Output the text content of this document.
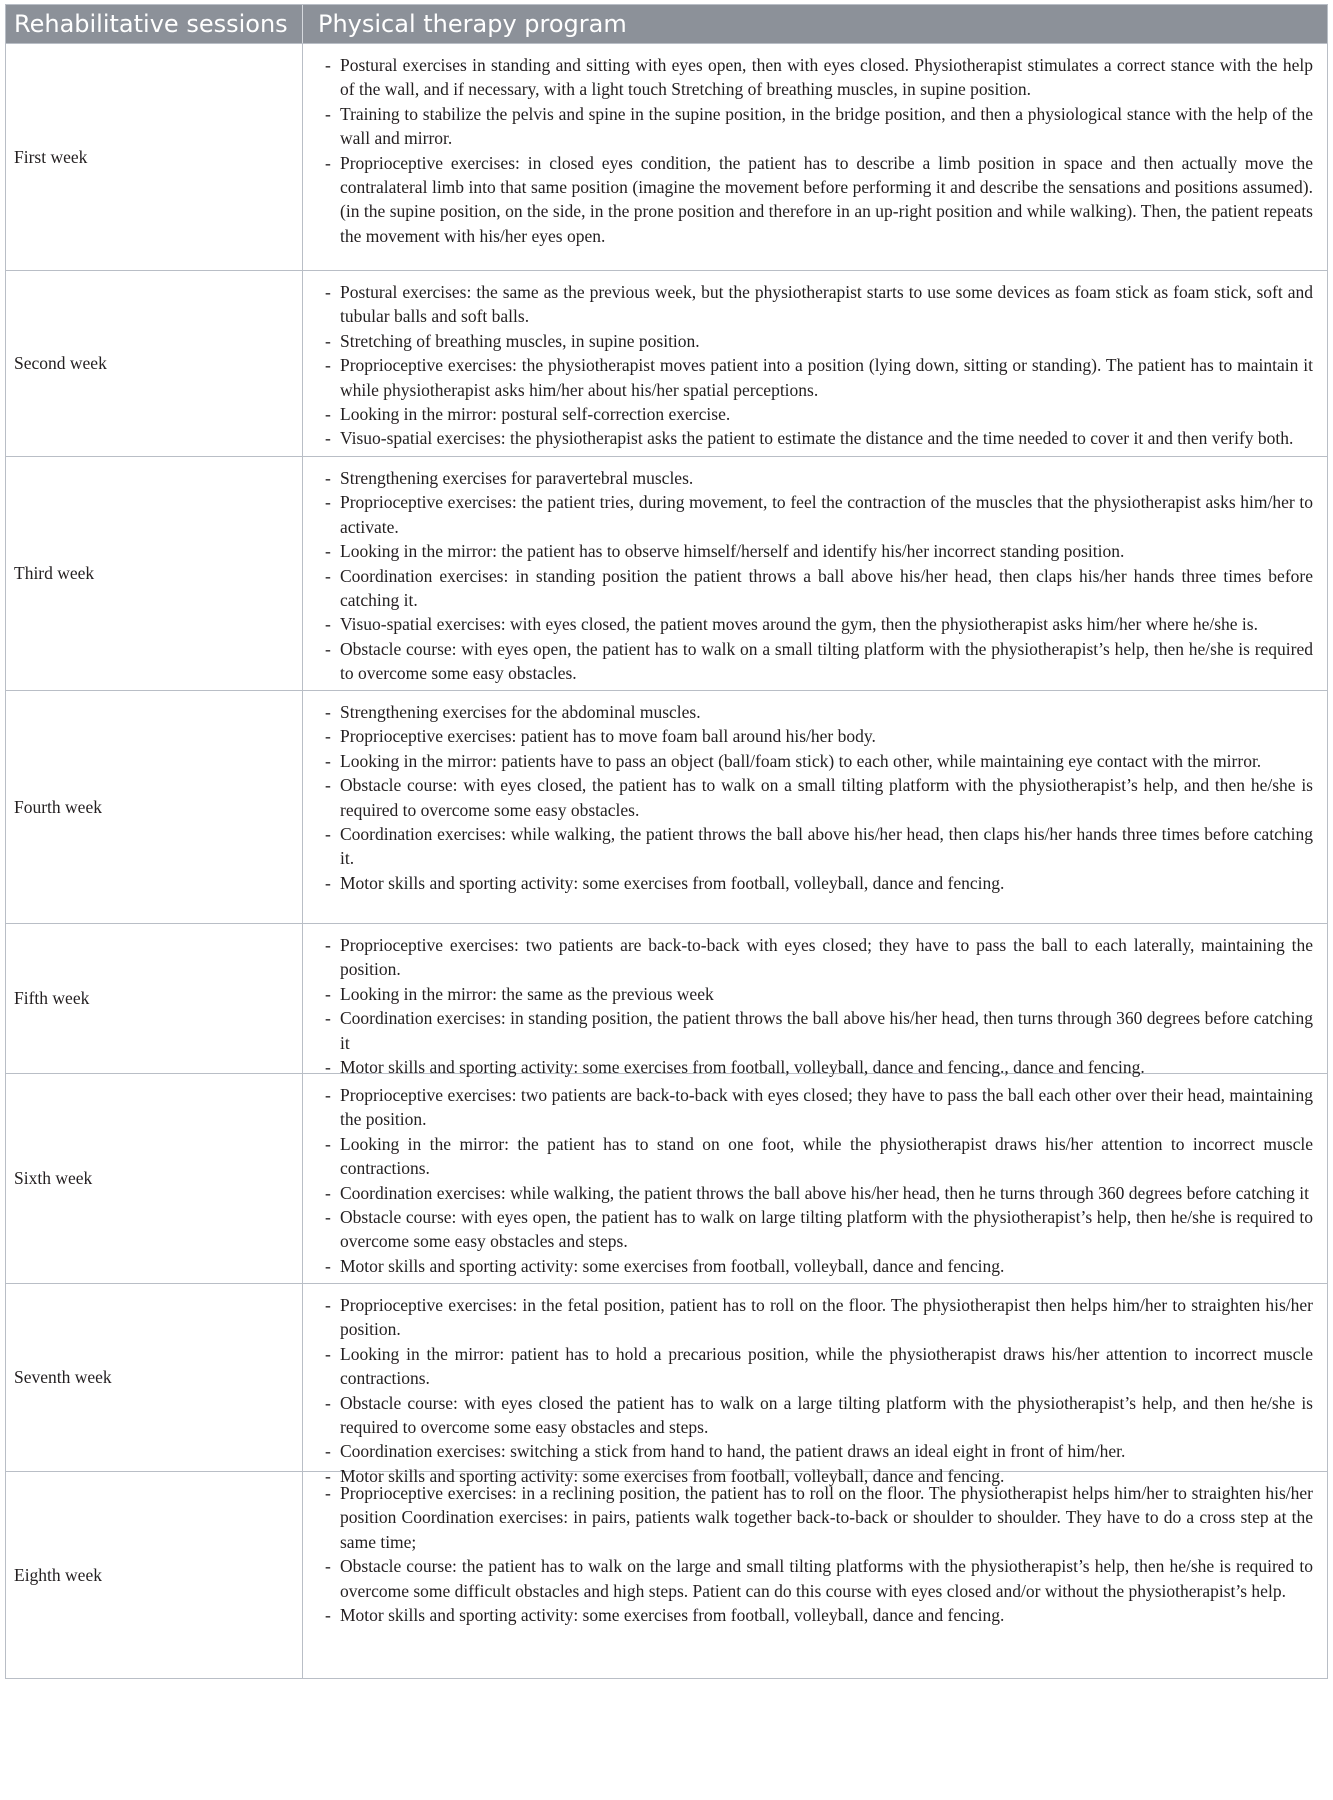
Rehabilitative sessions	Physical therapy program
First week
- Postural exercises in standing and sitting with eyes open, then with eyes closed. Physiotherapist stimulates a correct stance with the help of the wall, and if necessary, with a light touch Stretching of breathing muscles, in supine position.
- Training to stabilize the pelvis and spine in the supine position, in the bridge position, and then a physiological stance with the help of the wall and mirror.
- Proprioceptive exercises: in closed eyes condition, the patient has to describe a limb position in space and then actually move the contralateral limb into that same position (imagine the movement before performing it and describe the sensations and positions assumed). (in the supine position, on the side, in the prone position and therefore in an up-right position and while walking). Then, the patient repeats the movement with his/her eyes open.
Second week
- Postural exercises: the same as the previous week, but the physiotherapist starts to use some devices as foam stick as foam stick, soft and tubular balls and soft balls.
- Stretching of breathing muscles, in supine position.
- Proprioceptive exercises: the physiotherapist moves patient into a position (lying down, sitting or standing). The patient has to maintain it while physiotherapist asks him/her about his/her spatial perceptions.
- Looking in the mirror: postural self-correction exercise.
- Visuo-spatial exercises: the physiotherapist asks the patient to estimate the distance and the time needed to cover it and then verify both.
Third week
- Strengthening exercises for paravertebral muscles.
- Proprioceptive exercises: the patient tries, during movement, to feel the contraction of the muscles that the physiotherapist asks him/her to activate.
- Looking in the mirror: the patient has to observe himself/herself and identify his/her incorrect standing position.
- Coordination exercises: in standing position the patient throws a ball above his/her head, then claps his/her hands three times before catching it.
- Visuo-spatial exercises: with eyes closed, the patient moves around the gym, then the physiotherapist asks him/her where he/she is.
- Obstacle course: with eyes open, the patient has to walk on a small tilting platform with the physiotherapist’s help, then he/she is required to overcome some easy obstacles.
Fourth week
- Strengthening exercises for the abdominal muscles.
- Proprioceptive exercises: patient has to move foam ball around his/her body.
- Looking in the mirror: patients have to pass an object (ball/foam stick) to each other, while maintaining eye contact with the mirror.
- Obstacle course: with eyes closed, the patient has to walk on a small tilting platform with the physiotherapist’s help, and then he/she is required to overcome some easy obstacles.
- Coordination exercises: while walking, the patient throws the ball above his/her head, then claps his/her hands three times before catching it.
- Motor skills and sporting activity: some exercises from football, volleyball, dance and fencing.
Fifth week
- Proprioceptive exercises: two patients are back-to-back with eyes closed; they have to pass the ball to each laterally, maintaining the position.
- Looking in the mirror: the same as the previous week
- Coordination exercises: in standing position, the patient throws the ball above his/her head, then turns through 360 degrees before catching it
- Motor skills and sporting activity: some exercises from football, volleyball, dance and fencing., dance and fencing.
Sixth week
- Proprioceptive exercises: two patients are back-to-back with eyes closed; they have to pass the ball each other over their head, maintaining the position.
- Looking in the mirror: the patient has to stand on one foot, while the physiotherapist draws his/her attention to incorrect muscle contractions.
- Coordination exercises: while walking, the patient throws the ball above his/her head, then he turns through 360 degrees before catching it
- Obstacle course: with eyes open, the patient has to walk on large tilting platform with the physiotherapist’s help, then he/she is required to overcome some easy obstacles and steps.
- Motor skills and sporting activity: some exercises from football, volleyball, dance and fencing.
Seventh week
- Proprioceptive exercises: in the fetal position, patient has to roll on the floor. The physiotherapist then helps him/her to straighten his/her position.
- Looking in the mirror: patient has to hold a precarious position, while the physiotherapist draws his/her attention to incorrect muscle contractions.
- Obstacle course: with eyes closed the patient has to walk on a large tilting platform with the physiotherapist’s help, and then he/she is required to overcome some easy obstacles and steps.
- Coordination exercises: switching a stick from hand to hand, the patient draws an ideal eight in front of him/her.
- Motor skills and sporting activity: some exercises from football, volleyball, dance and fencing.
Eighth week
- Proprioceptive exercises: in a reclining position, the patient has to roll on the floor. The physiotherapist helps him/her to straighten his/her position Coordination exercises: in pairs, patients walk together back-to-back or shoulder to shoulder. They have to do a cross step at the same time;
- Obstacle course: the patient has to walk on the large and small tilting platforms with the physiotherapist’s help, then he/she is required to overcome some difficult obstacles and high steps. Patient can do this course with eyes closed and/or without the physiotherapist’s help.
- Motor skills and sporting activity: some exercises from football, volleyball, dance and fencing.
